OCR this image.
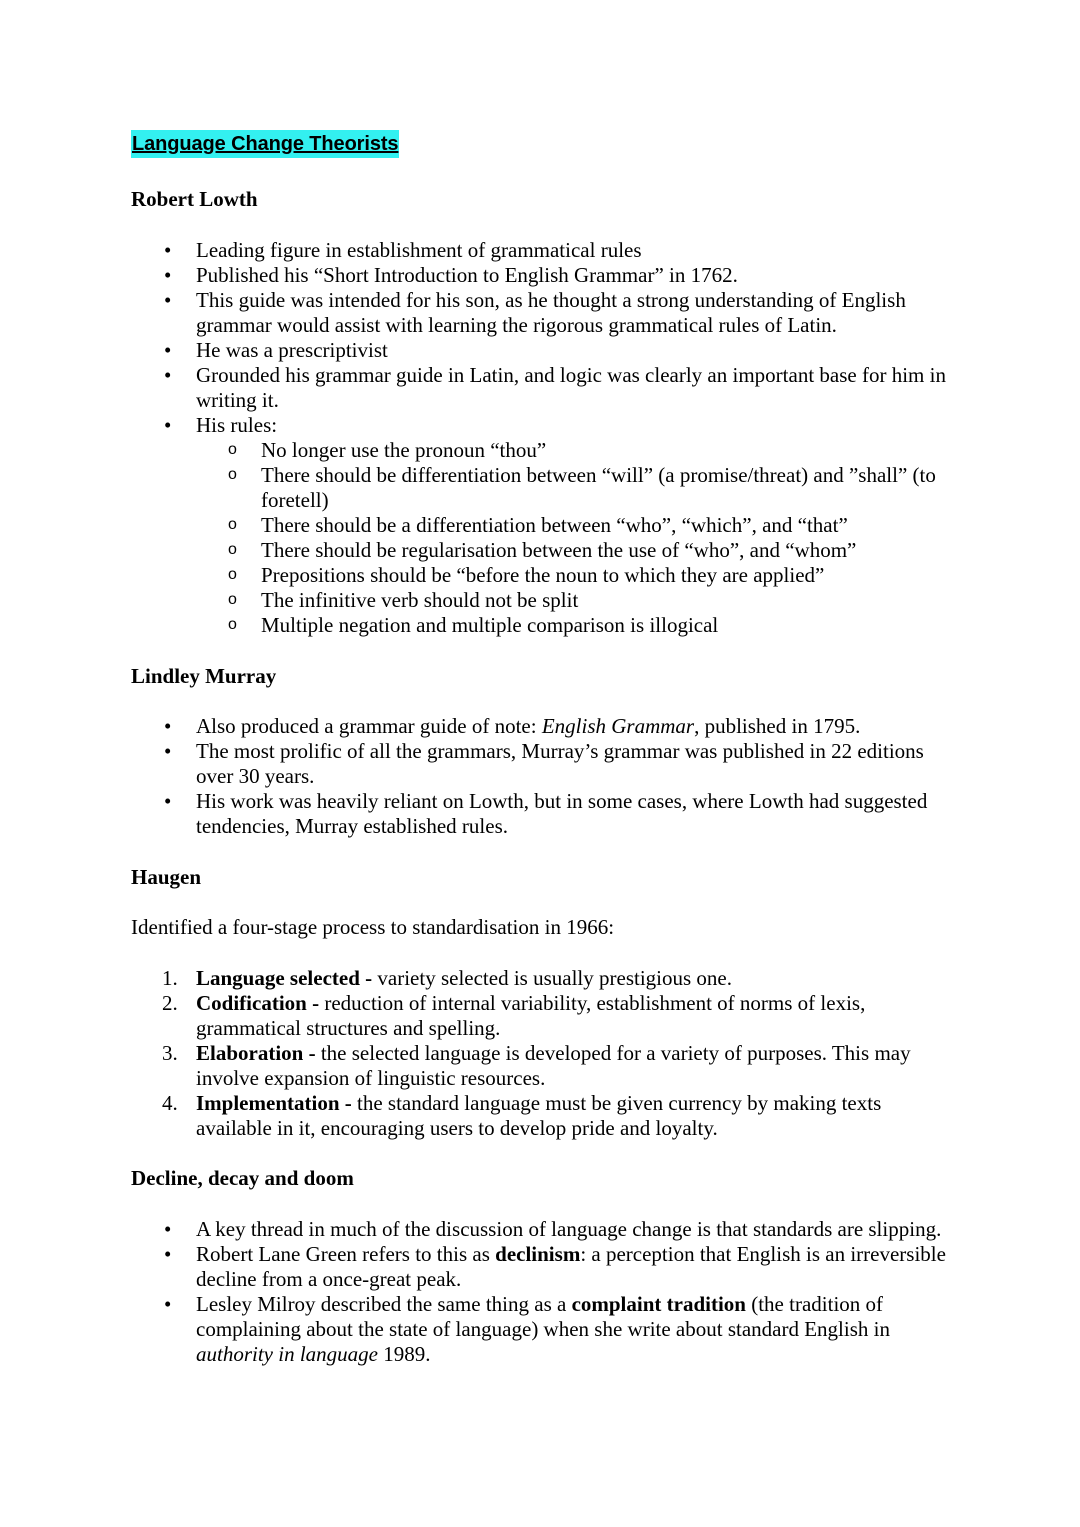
Language Change Theorists
Robert Lowth
• Leading figure in establishment of grammatical rules
• Published his “Short Introduction to English Grammar” in 1762.
• This guide was intended for his son, as he thought a strong understanding of English grammar would assist with learning the rigorous grammatical rules of Latin.
• He was a prescriptivist
• Grounded his grammar guide in Latin, and logic was clearly an important base for him in writing it.
• His rules:
o No longer use the pronoun “thou”
o There should be differentiation between “will” (a promise/threat) and ”shall” (to foretell)
o There should be a differentiation between “who”, “which”, and “that”
o There should be regularisation between the use of “who”, and “whom”
o Prepositions should be “before the noun to which they are applied”
o The infinitive verb should not be split
o Multiple negation and multiple comparison is illogical
Lindley Murray
• Also produced a grammar guide of note: English Grammar, published in 1795.
• The most prolific of all the grammars, Murray’s grammar was published in 22 editions over 30 years.
• His work was heavily reliant on Lowth, but in some cases, where Lowth had suggested tendencies, Murray established rules.
Haugen

Identified a four-stage process to standardisation in 1966:

1. Language selected - variety selected is usually prestigious one.
2. Codification - reduction of internal variability, establishment of norms of lexis, grammatical structures and spelling.
3. Elaboration - the selected language is developed for a variety of purposes. This may involve expansion of linguistic resources.
4. Implementation - the standard language must be given currency by making texts available in it, encouraging users to develop pride and loyalty.
Decline, decay and doom
• A key thread in much of the discussion of language change is that standards are slipping.
• Robert Lane Green refers to this as declinism: a perception that English is an irreversible decline from a once-great peak.
• Lesley Milroy described the same thing as a complaint tradition (the tradition of complaining about the state of language) when she write about standard English in authority in language 1989.
